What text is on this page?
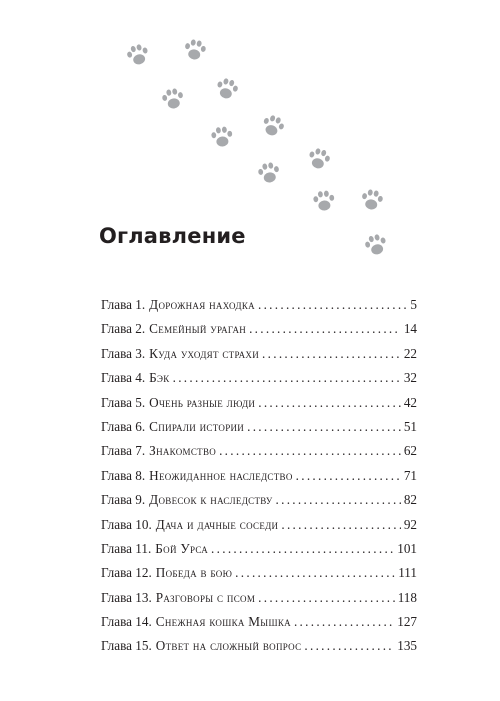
Оглавление
Глава 1. Дорожная находка . . .	5
Глава 2. Семейный ураган . . .	14
Глава 3. Куда уходят страхи . . .	22
Глава 4. Бэк . . .	32
Глава 5. Очень разные люди . . .	42
Глава 6. Спирали истории . . .	51
Глава 7. Знакомство . . .	62
Глава 8. Неожиданное наследство . . .	71
Глава 9. Довесок к наследству . . .	82
Глава 10. Дача и дачные соседи . . .	92
Глава 11. Бой Урса . . .	101
Глава 12. Победа в бою . . .	111
Глава 13. Разговоры с псом . . .	118
Глава 14. Снежная кошка Мышка . . .	127
Глава 15. Ответ на сложный вопрос . . .	135
